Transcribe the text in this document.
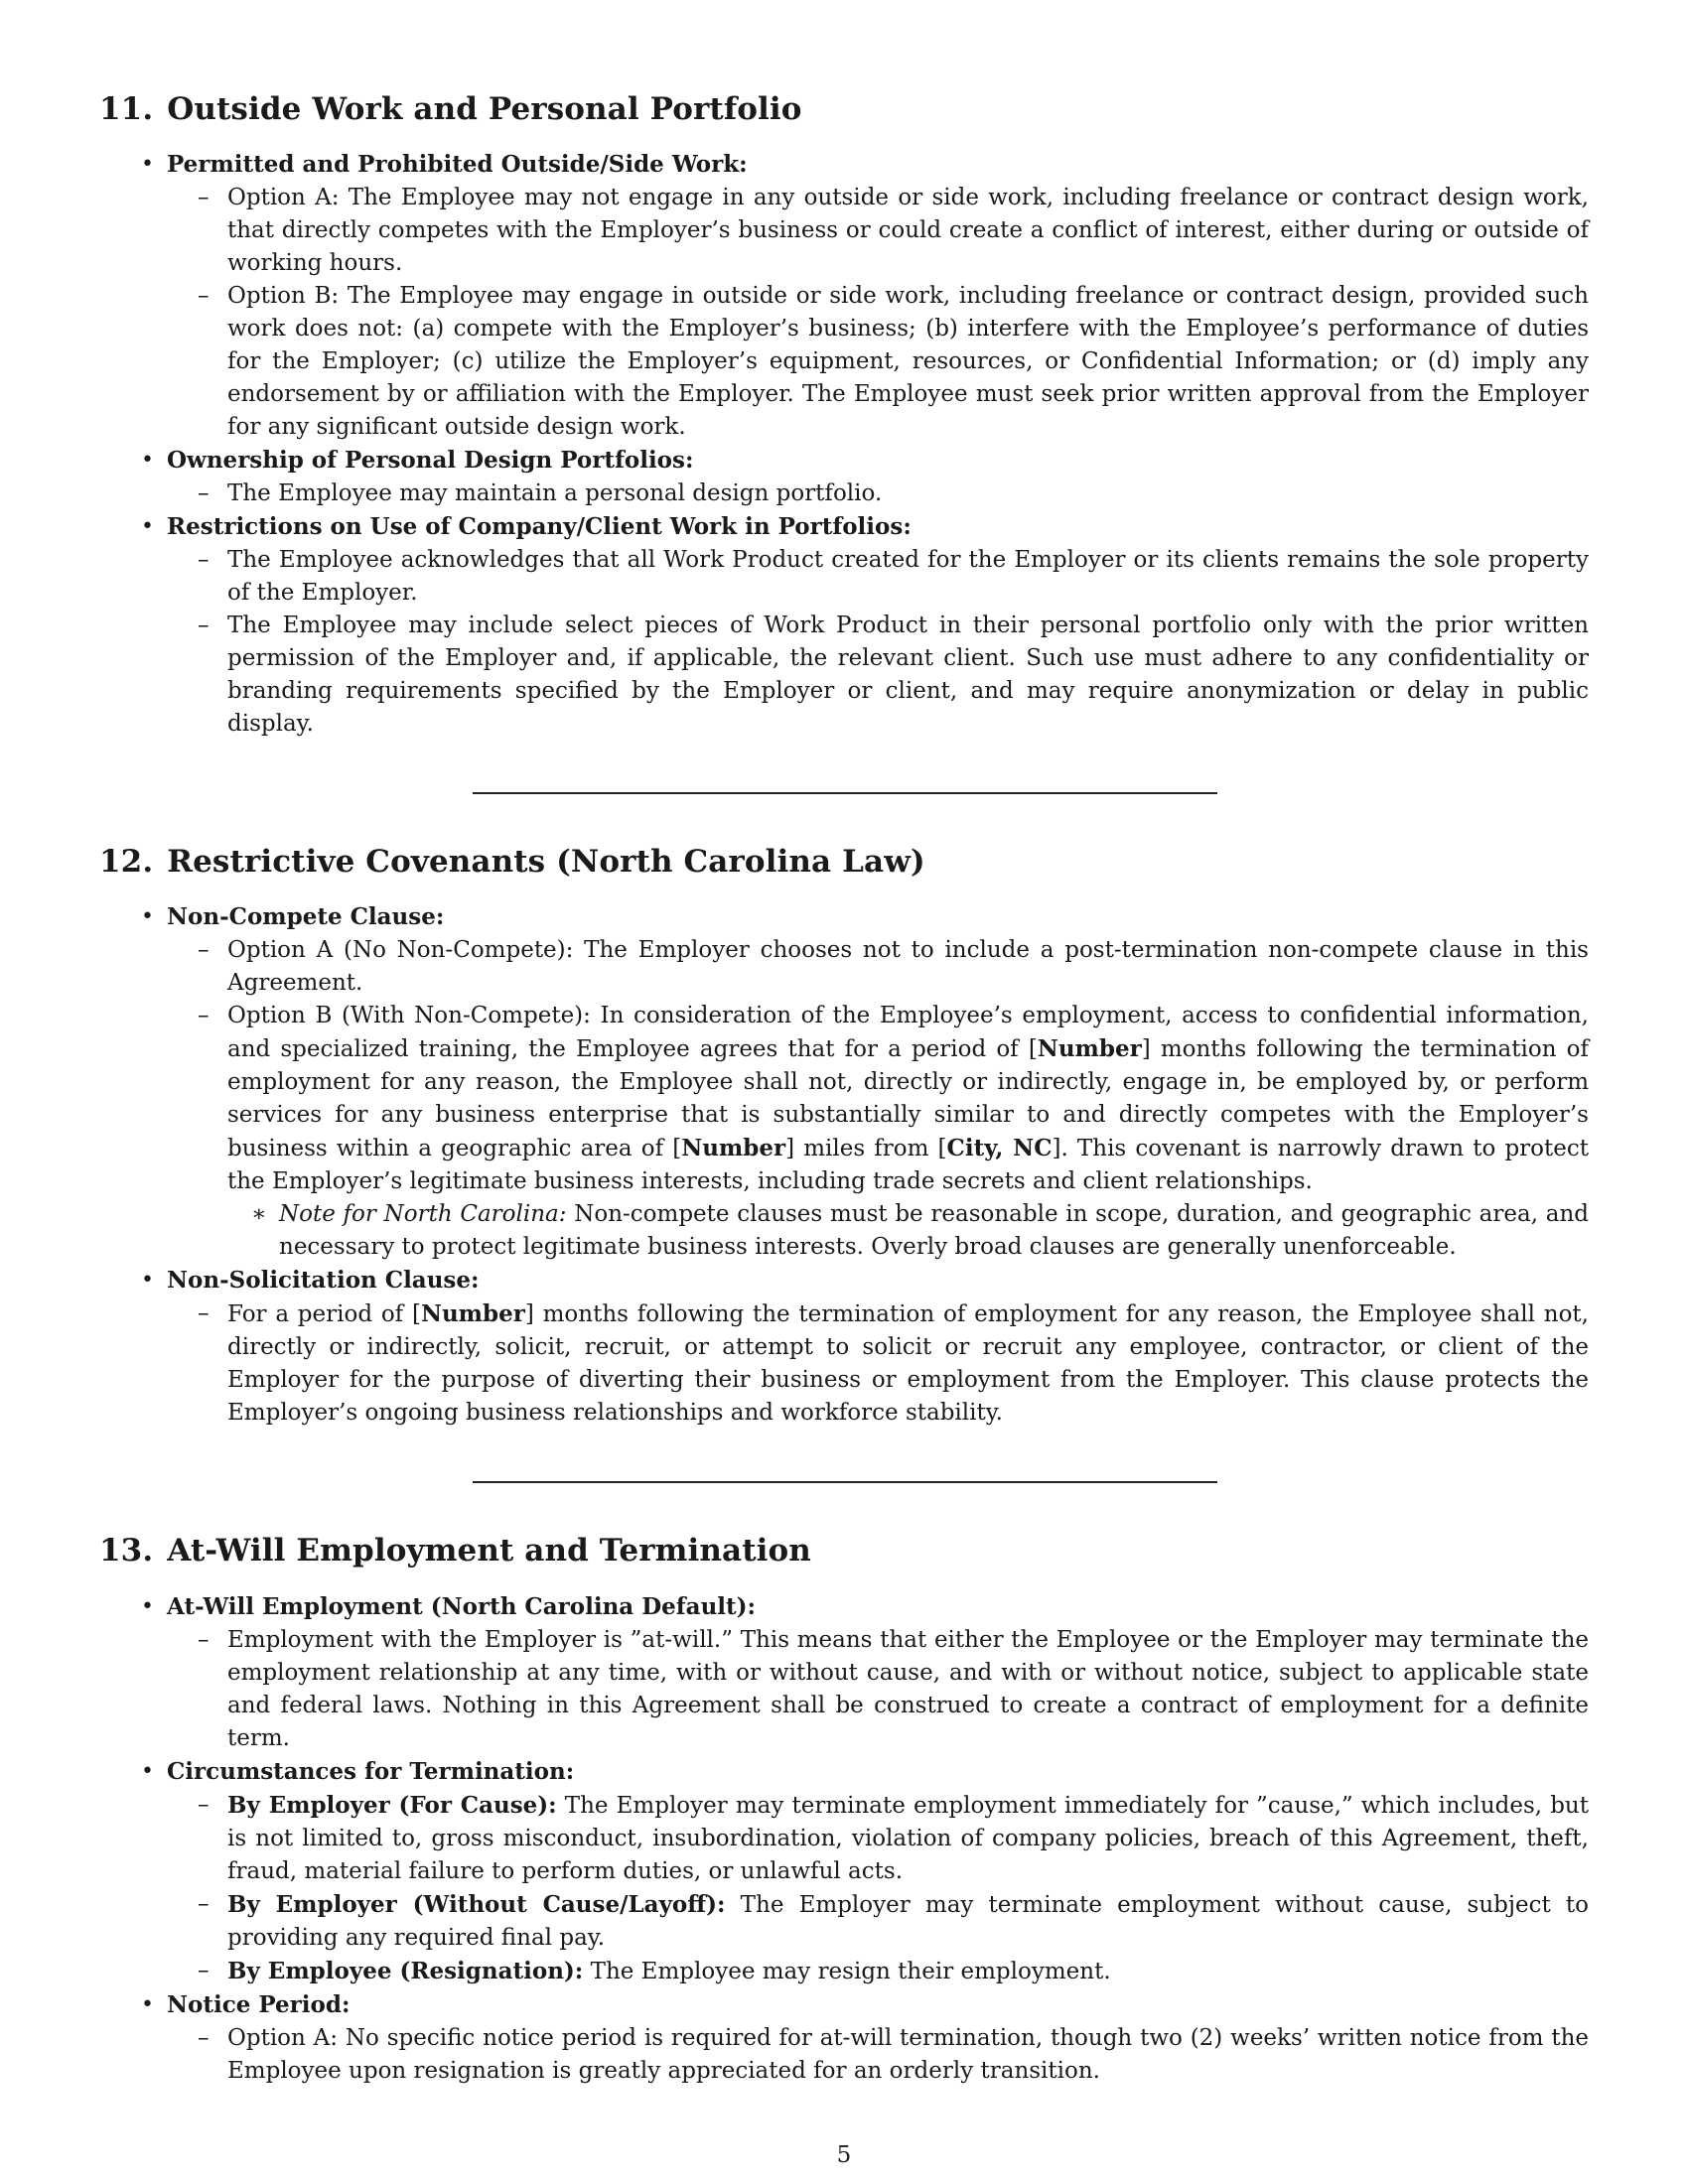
11. Outside Work and Personal Portfolio
• Permitted and Prohibited Outside/Side Work:
– Option A: The Employee may not engage in any outside or side work, including freelance or contract design work, that directly competes with the Employer’s business or could create a conflict of interest, either during or outside of working hours.
– Option B: The Employee may engage in outside or side work, including freelance or contract design, provided such work does not: (a) compete with the Employer’s business; (b) interfere with the Employee’s performance of duties for the Employer; (c) utilize the Employer’s equipment, resources, or Confidential Information; or (d) imply any endorsement by or affiliation with the Employer. The Employee must seek prior written approval from the Employer for any significant outside design work.
• Ownership of Personal Design Portfolios:
– The Employee may maintain a personal design portfolio.
• Restrictions on Use of Company/Client Work in Portfolios:
– The Employee acknowledges that all Work Product created for the Employer or its clients remains the sole property of the Employer.
– The Employee may include select pieces of Work Product in their personal portfolio only with the prior written permission of the Employer and, if applicable, the relevant client. Such use must adhere to any confidentiality or branding requirements specified by the Employer or client, and may require anonymization or delay in public display.
12. Restrictive Covenants (North Carolina Law)
• Non-Compete Clause:
– Option A (No Non-Compete): The Employer chooses not to include a post-termination non-compete clause in this Agreement.
– Option B (With Non-Compete): In consideration of the Employee’s employment, access to confidential information, and specialized training, the Employee agrees that for a period of [Number] months following the termination of employment for any reason, the Employee shall not, directly or indirectly, engage in, be employed by, or perform services for any business enterprise that is substantially similar to and directly competes with the Employer’s business within a geographic area of [Number] miles from [City, NC]. This covenant is narrowly drawn to protect the Employer’s legitimate business interests, including trade secrets and client relationships.
∗ Note for North Carolina: Non-compete clauses must be reasonable in scope, duration, and geographic area, and necessary to protect legitimate business interests. Overly broad clauses are generally unenforceable.
• Non-Solicitation Clause:
– For a period of [Number] months following the termination of employment for any reason, the Employee shall not, directly or indirectly, solicit, recruit, or attempt to solicit or recruit any employee, contractor, or client of the Employer for the purpose of diverting their business or employment from the Employer. This clause protects the Employer’s ongoing business relationships and workforce stability.
13. At-Will Employment and Termination
• At-Will Employment (North Carolina Default):
– Employment with the Employer is ”at-will.” This means that either the Employee or the Employer may terminate the employment relationship at any time, with or without cause, and with or without notice, subject to applicable state and federal laws. Nothing in this Agreement shall be construed to create a contract of employment for a definite term.
• Circumstances for Termination:
– By Employer (For Cause): The Employer may terminate employment immediately for ”cause,” which includes, but is not limited to, gross misconduct, insubordination, violation of company policies, breach of this Agreement, theft, fraud, material failure to perform duties, or unlawful acts.
– By Employer (Without Cause/Layoff): The Employer may terminate employment without cause, subject to providing any required final pay.
– By Employee (Resignation): The Employee may resign their employment.
• Notice Period:
– Option A: No specific notice period is required for at-will termination, though two (2) weeks’ written notice from the Employee upon resignation is greatly appreciated for an orderly transition.
5
